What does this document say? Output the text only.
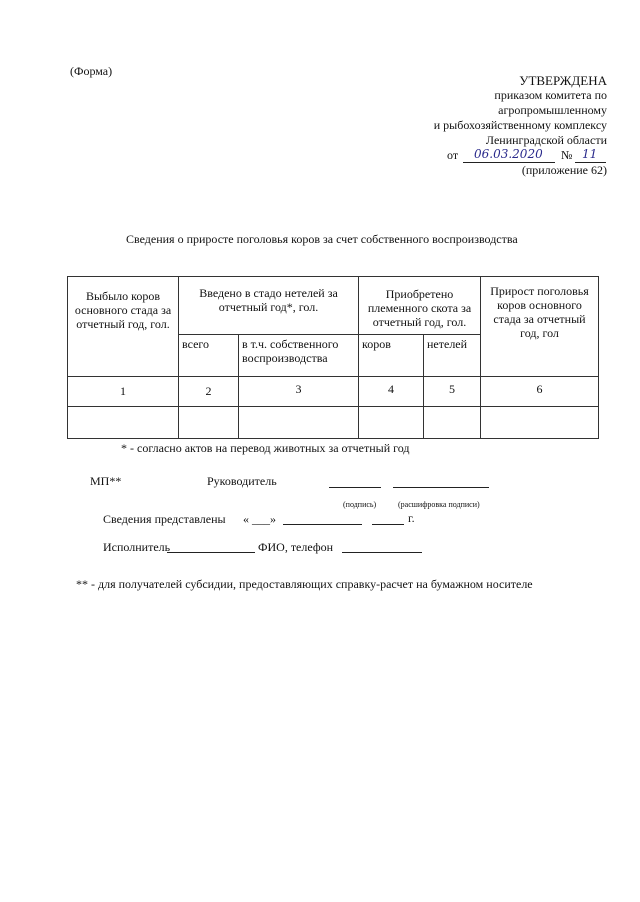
(Форма)
УТВЕРЖДЕНА
приказом комитета по
агропромышленному
и рыбохозяйственному комплексу
Ленинградской области
от 06.03.2020 № 11
(приложение 62)
Сведения о приросте поголовья коров за счет собственного воспроизводства
Выбыло коров основного стада за отчетный год, гол.	Введено в стадо нетелей за отчетный год*, гол.		Приобретено племенного скота за отчетный год, гол.		Прирост поголовья коров основного стада за отчетный год, гол
	всего	в т.ч. собственного воспроизводства	коров	нетелей	
1	2	3	4	5	6

* - согласно актов на перевод животных за отчетный год
МП**	Руководитель
(подпись)	(расшифровка подписи)
Сведения представлены « ___»	г.
Исполнитель	ФИО, телефон
** - для получателей субсидии, предоставляющих справку-расчет на бумажном носителе
